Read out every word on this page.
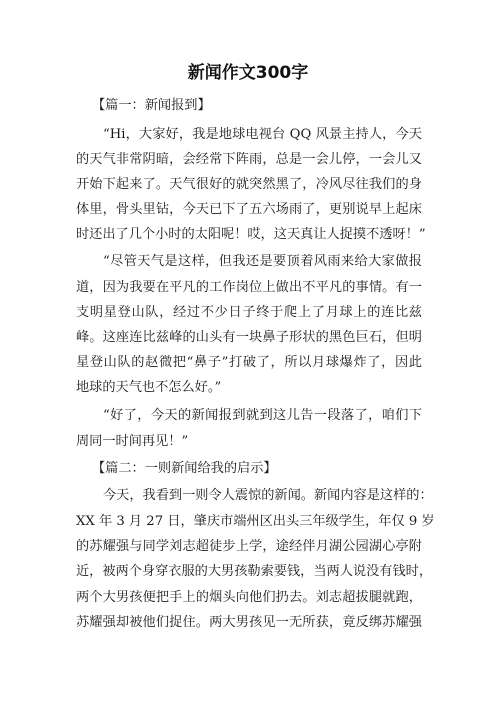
新闻作文300字
【篇一：新闻报到】
“Hi，大家好，我是地球电视台 QQ 风景主持人，今天
的天气非常阴暗，会经常下阵雨，总是一会儿停，一会儿又
开始下起来了。天气很好的就突然黑了，冷风尽往我们的身
体里，骨头里钻，今天已下了五六场雨了，更别说早上起床
时还出了几个小时的太阳呢！哎，这天真让人捉摸不透呀！”
“尽管天气是这样，但我还是要顶着风雨来给大家做报
道，因为我要在平凡的工作岗位上做出不平凡的事情。有一
支明星登山队，经过不少日子终于爬上了月球上的连比兹
峰。这座连比兹峰的山头有一块鼻子形状的黑色巨石，但明
星登山队的赵微把“鼻子”打破了，所以月球爆炸了，因此
地球的天气也不怎么好。”
“好了，今天的新闻报到就到这儿告一段落了，咱们下
周同一时间再见！”
【篇二：一则新闻给我的启示】
今天，我看到一则令人震惊的新闻。新闻内容是这样的：
XX 年 3 月 27 日，肇庆市端州区出头三年级学生，年仅 9 岁
的苏耀强与同学刘志超徒步上学，途经伴月湖公园湖心亭附
近，被两个身穿衣服的大男孩勒索要钱，当两人说没有钱时，
两个大男孩便把手上的烟头向他们扔去。刘志超拔腿就跑，
苏耀强却被他们捉住。两大男孩见一无所获，竟反绑苏耀强
